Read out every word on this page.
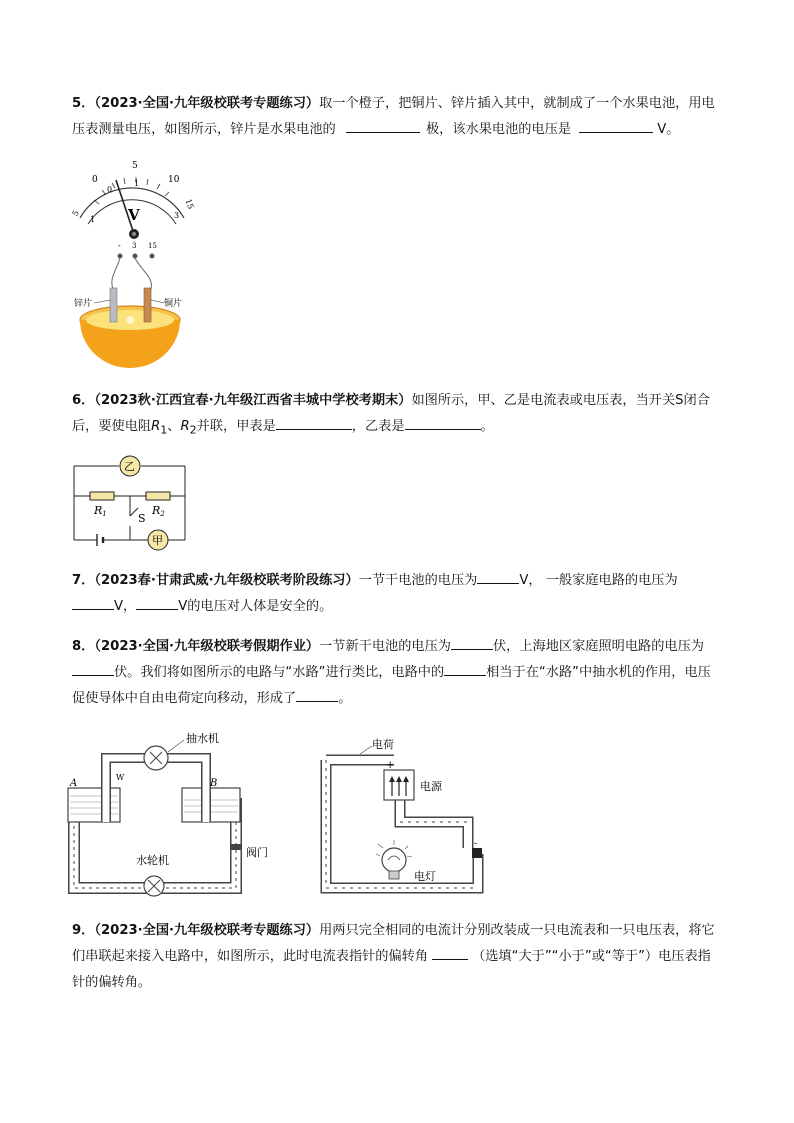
5．（2023·全国·九年级校联考专题练习）取一个橙子，把铜片、锌片插入其中，就制成了一个水果电池，用电压表测量电压，如图所示，锌片是水果电池的	极，该水果电池的电压是	V。
5
0
5
10
15
0
1
3
1 V
- 3 15
锌片	铜片
6．（2023秋·江西宜春·九年级江西省丰城中学校考期末）如图所示，甲、乙是电流表或电压表，当开关S闭合后，要使电阻$R_1$、$R_2$并联，甲表是	，乙表是	。
R1	R2
S
乙
甲
7．（2023春·甘肃武威·九年级校联考阶段练习）一节干电池的电压为	V， 一般家庭电路的电压为
V，	V的电压对人体是安全的。
8．（2023·全国·九年级校联考假期作业）一节新干电池的电压为	伏，上海地区家庭照明电路的电压为
伏。我们将如图所示的电路与“水路”进行类比，电路中的	相当于在“水路”中抽水机的作用，电压促使导体中自由电荷定向移动，形成了	。
抽水机
A
W
B
水轮机
阀门
+
电源
电荷
电灯
-
9．（2023·全国·九年级校联考专题练习）用两只完全相同的电流计分别改装成一只电流表和一只电压表，将它们串联起来接入电路中，如图所示，此时电流表指针的偏转角	（选填“大于”“小于”或“等于”）电压表指针的偏转角。
